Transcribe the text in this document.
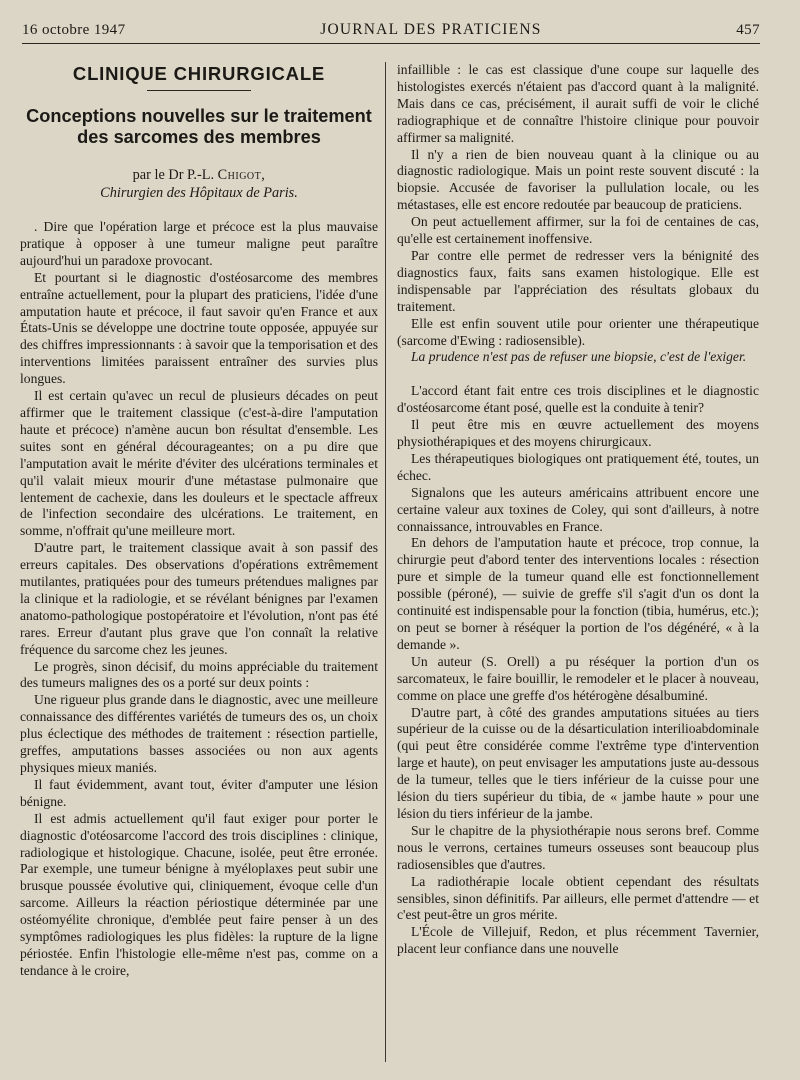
16 octobre 1947	JOURNAL DES PRATICIENS	457
CLINIQUE CHIRURGICALE
Conceptions nouvelles sur le traitement des sarcomes des membres
par le Dr P.-L. Chigot,
Chirurgien des Hôpitaux de Paris.

. Dire que l'opération large et précoce est la plus mauvaise pratique à opposer à une tumeur maligne peut paraître aujourd'hui un paradoxe provocant.

Et pourtant si le diagnostic d'ostéosarcome des membres entraîne actuellement, pour la plupart des praticiens, l'idée d'une amputation haute et précoce, il faut savoir qu'en France et aux États-Unis se développe une doctrine toute opposée, appuyée sur des chiffres impressionnants : à savoir que la temporisation et des interventions limitées paraissent entraîner des survies plus longues.

Il est certain qu'avec un recul de plusieurs décades on peut affirmer que le traitement classique (c'est-à-dire l'amputation haute et précoce) n'amène aucun bon résultat d'ensemble. Les suites sont en général décourageantes; on a pu dire que l'amputation avait le mérite d'éviter des ulcérations terminales et qu'il valait mieux mourir d'une métastase pulmonaire que lentement de cachexie, dans les douleurs et le spectacle affreux de l'infection secondaire des ulcérations. Le traitement, en somme, n'offrait qu'une meilleure mort.

D'autre part, le traitement classique avait à son passif des erreurs capitales. Des observations d'opérations extrêmement mutilantes, pratiquées pour des tumeurs prétendues malignes par la clinique et la radiologie, et se révélant bénignes par l'examen anatomo-pathologique postopératoire et l'évolution, n'ont pas été rares. Erreur d'autant plus grave que l'on connaît la relative fréquence du sarcome chez les jeunes.

Le progrès, sinon décisif, du moins appréciable du traitement des tumeurs malignes des os a porté sur deux points :

Une rigueur plus grande dans le diagnostic, avec une meilleure connaissance des différentes variétés de tumeurs des os, un choix plus éclectique des méthodes de traitement : résection partielle, greffes, amputations basses associées ou non aux agents physiques mieux maniés.

Il faut évidemment, avant tout, éviter d'amputer une lésion bénigne.

Il est admis actuellement qu'il faut exiger pour porter le diagnostic d'otéosarcome l'accord des trois disciplines : clinique, radiologique et histologique. Chacune, isolée, peut être erronée. Par exemple, une tumeur bénigne à myéloplaxes peut subir une brusque poussée évolutive qui, cliniquement, évoque celle d'un sarcome. Ailleurs la réaction périostique déterminée par une ostéomyélite chronique, d'emblée peut faire penser à un des symptômes radiologiques les plus fidèles: la rupture de la ligne périostée. Enfin l'histologie elle-même n'est pas, comme on a tendance à le croire,

infaillible : le cas est classique d'une coupe sur laquelle des histologistes exercés n'étaient pas d'accord quant à la malignité. Mais dans ce cas, précisément, il aurait suffi de voir le cliché radiographique et de connaître l'histoire clinique pour pouvoir affirmer sa malignité.

Il n'y a rien de bien nouveau quant à la clinique ou au diagnostic radiologique. Mais un point reste souvent discuté : la biopsie. Accusée de favoriser la pullulation locale, ou les métastases, elle est encore redoutée par beaucoup de praticiens.

On peut actuellement affirmer, sur la foi de centaines de cas, qu'elle est certainement inoffensive.

Par contre elle permet de redresser vers la bénignité des diagnostics faux, faits sans examen histologique. Elle est indispensable par l'appréciation des résultats globaux du traitement.

Elle est enfin souvent utile pour orienter une thérapeutique (sarcome d'Ewing : radiosensible).

La prudence n'est pas de refuser une biopsie, c'est de l'exiger.

L'accord étant fait entre ces trois disciplines et le diagnostic d'ostéosarcome étant posé, quelle est la conduite à tenir?

Il peut être mis en œuvre actuellement des moyens physiothérapiques et des moyens chirurgicaux.

Les thérapeutiques biologiques ont pratiquement été, toutes, un échec.

Signalons que les auteurs américains attribuent encore une certaine valeur aux toxines de Coley, qui sont d'ailleurs, à notre connaissance, introuvables en France.

En dehors de l'amputation haute et précoce, trop connue, la chirurgie peut d'abord tenter des interventions locales : résection pure et simple de la tumeur quand elle est fonctionnellement possible (péroné), — suivie de greffe s'il s'agit d'un os dont la continuité est indispensable pour la fonction (tibia, humérus, etc.); on peut se borner à réséquer la portion de l'os dégénéré, « à la demande ».

Un auteur (S. Orell) a pu réséquer la portion d'un os sarcomateux, le faire bouillir, le remodeler et le placer à nouveau, comme on place une greffe d'os hétérogène désalbuminé.

D'autre part, à côté des grandes amputations situées au tiers supérieur de la cuisse ou de la désarticulation interilioabdominale (qui peut être considérée comme l'extrême type d'intervention large et haute), on peut envisager les amputations juste au-dessous de la tumeur, telles que le tiers inférieur de la cuisse pour une lésion du tiers supérieur du tibia, de « jambe haute » pour une lésion du tiers inférieur de la jambe.

Sur le chapitre de la physiothérapie nous serons bref. Comme nous le verrons, certaines tumeurs osseuses sont beaucoup plus radiosensibles que d'autres.

La radiothérapie locale obtient cependant des résultats sensibles, sinon définitifs. Par ailleurs, elle permet d'attendre — et c'est peut-être un gros mérite.

L'École de Villejuif, Redon, et plus récemment Tavernier, placent leur confiance dans une nouvelle
